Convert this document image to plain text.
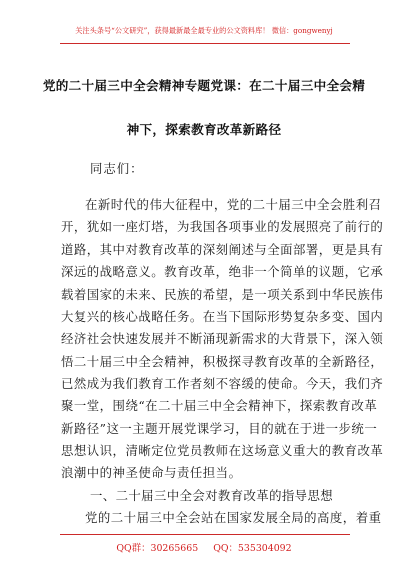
关注头条号“公文研究”，获得最新最全最专业的公文资料库！ 微信：gongwenyj
党的二十届三中全会精神专题党课：在二十届三中全会精
神下，探索教育改革新路径
同志们：
在新时代的伟大征程中，党的二十届三中全会胜利召
开，犹如一座灯塔，为我国各项事业的发展照亮了前行的
道路，其中对教育改革的深刻阐述与全面部署，更是具有
深远的战略意义。教育改革，绝非一个简单的议题，它承
载着国家的未来、民族的希望，是一项关系到中华民族伟
大复兴的核心战略任务。在当下国际形势复杂多变、国内
经济社会快速发展并不断涌现新需求的大背景下，深入领
悟二十届三中全会精神，积极探寻教育改革的全新路径，
已然成为我们教育工作者刻不容缓的使命。今天，我们齐
聚一堂，围绕“在二十届三中全会精神下，探索教育改革
新路径”这一主题开展党课学习，目的就在于进一步统一
思想认识，清晰定位党员教师在这场意义重大的教育改革
浪潮中的神圣使命与责任担当。
一、二十届三中全会对教育改革的指导思想
党的二十届三中全会站在国家发展全局的高度，着重
QQ群：30265665 QQ：535304092
